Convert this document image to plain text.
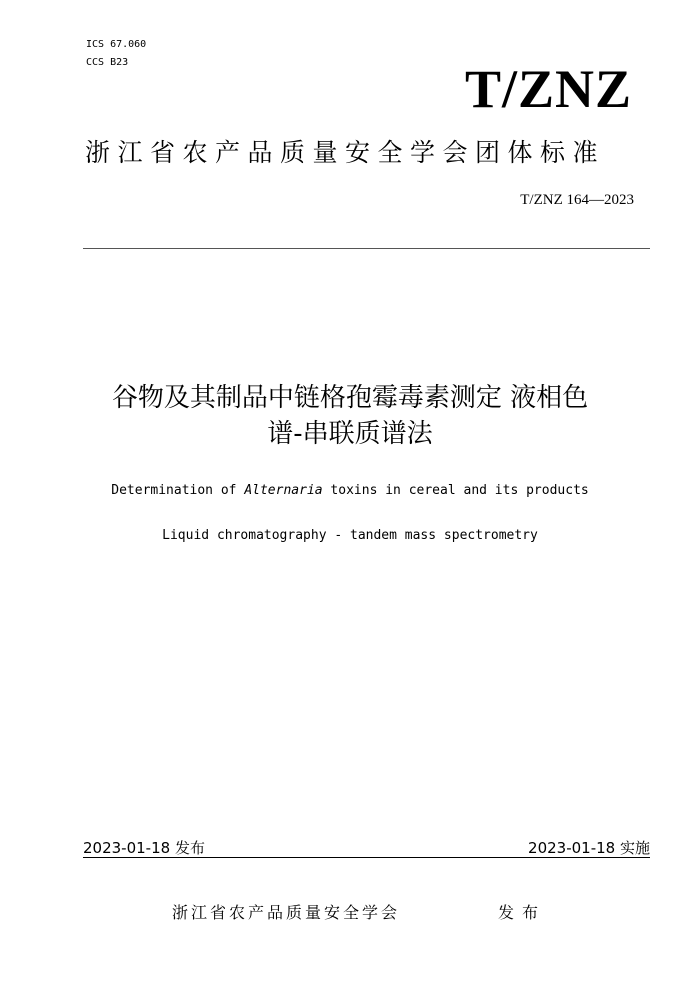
ICS 67.060
CCS B23	T/ZNZ
浙江省农产品质量安全学会团体标准
T/ZNZ 164—2023
谷物及其制品中链格孢霉毒素测定 液相色
谱-串联质谱法
Determination of Alternaria toxins in cereal and its products
Liquid chromatography - tandem mass spectrometry
2023-01-18 发布	2023-01-18 实施
浙江省农产品质量安全学会	发布
